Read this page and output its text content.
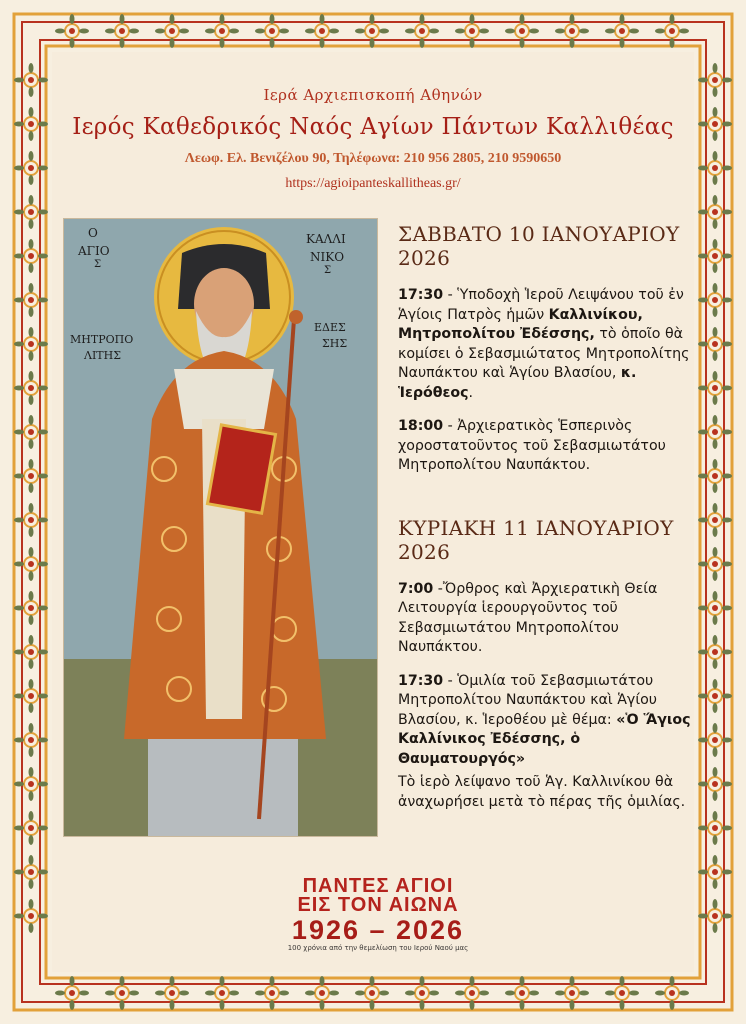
Ιερά Αρχιεπισκοπή Αθηνών
Ιερός Καθεδρικός Ναός Αγίων Πάντων Καλλιθέας
Λεωφ. Ελ. Βενιζέλου 90, Τηλέφωνα: 210 956 2805, 210 9590650
https://agioipanteskallitheas.gr/
Ο
ΑΓΙΟ
Σ
ΚΑΛΛΙ
ΝΙΚΟ
Σ
ΜΗΤΡΟΠΟ
ΛΙΤΗΣ
ΕΔΕΣ
ΣΗΣ
ΣΑΒΒΑΤΟ 10 ΙΑΝΟΥΑΡΙΟΥ 2026
17:30 - Ὑποδοχὴ Ἱεροῦ Λειψάνου τοῦ ἐν Ἁγίοις Πατρὸς ἡμῶν Καλλινίκου, Μητροπολίτου Ἐδέσσης, τὸ ὁποῖο θὰ κομίσει ὁ Σεβασμιώτατος Μητροπολίτης Ναυπάκτου καὶ Ἁγίου Βλασίου, κ. Ἱερόθεος.
18:00 - Ἀρχιερατικὸς Ἑσπερινὸς χοροστατοῦντος τοῦ Σεβασμιωτάτου Μητροπολίτου Ναυπάκτου.
ΚΥΡΙΑΚΗ 11 ΙΑΝΟΥΑΡΙΟΥ 2026
7:00 -Ὄρθρος καὶ Ἀρχιερατικὴ Θεία Λειτουργία ἱερουργοῦντος τοῦ Σεβασμιωτάτου Μητροπολίτου Ναυπάκτου.
17:30 - Ὁμιλία τοῦ Σεβασμιωτάτου Μητροπολίτου Ναυπάκτου καὶ Ἁγίου Βλασίου, κ. Ἱεροθέου μὲ θέμα: «Ὁ Ἅγιος Καλλίνικος Ἐδέσσης, ὁ Θαυματουργός»
Τὸ ἱερὸ λείψανο τοῦ Ἁγ. Καλλινίκου θὰ ἀναχωρήσει μετὰ τὸ πέρας τῆς ὁμιλίας.
ΠΑΝΤΕΣ ΑΓΙΟΙ
ΕΙΣ ΤΟΝ ΑΙΩΝΑ
1926 – 2026
100 χρόνια από την θεμελίωση του Ιερού Ναού μας
